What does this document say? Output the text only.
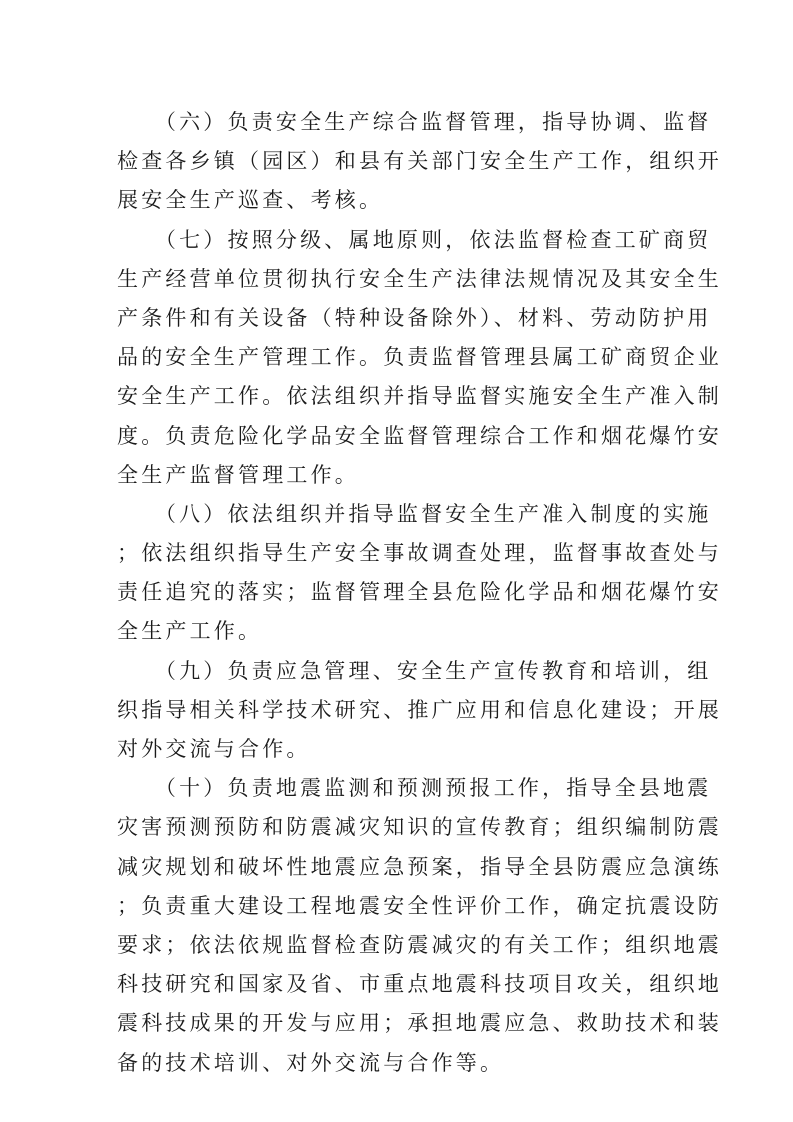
　　（六）负责安全生产综合监督管理，指导协调、监督
检查各乡镇（园区）和县有关部门安全生产工作，组织开
展安全生产巡查、考核。
　　（七）按照分级、属地原则，依法监督检查工矿商贸
生产经营单位贯彻执行安全生产法律法规情况及其安全生
产条件和有关设备（特种设备除外）、材料、劳动防护用
品的安全生产管理工作。负责监督管理县属工矿商贸企业
安全生产工作。依法组织并指导监督实施安全生产准入制
度。负责危险化学品安全监督管理综合工作和烟花爆竹安
全生产监督管理工作。
　　（八）依法组织并指导监督安全生产准入制度的实施
；依法组织指导生产安全事故调查处理，监督事故查处与
责任追究的落实；监督管理全县危险化学品和烟花爆竹安
全生产工作。
　　（九）负责应急管理、安全生产宣传教育和培训，组
织指导相关科学技术研究、推广应用和信息化建设；开展
对外交流与合作。
　　（十）负责地震监测和预测预报工作，指导全县地震
灾害预测预防和防震减灾知识的宣传教育；组织编制防震
减灾规划和破坏性地震应急预案，指导全县防震应急演练
；负责重大建设工程地震安全性评价工作，确定抗震设防
要求；依法依规监督检查防震减灾的有关工作；组织地震
科技研究和国家及省、市重点地震科技项目攻关，组织地
震科技成果的开发与应用；承担地震应急、救助技术和装
备的技术培训、对外交流与合作等。
